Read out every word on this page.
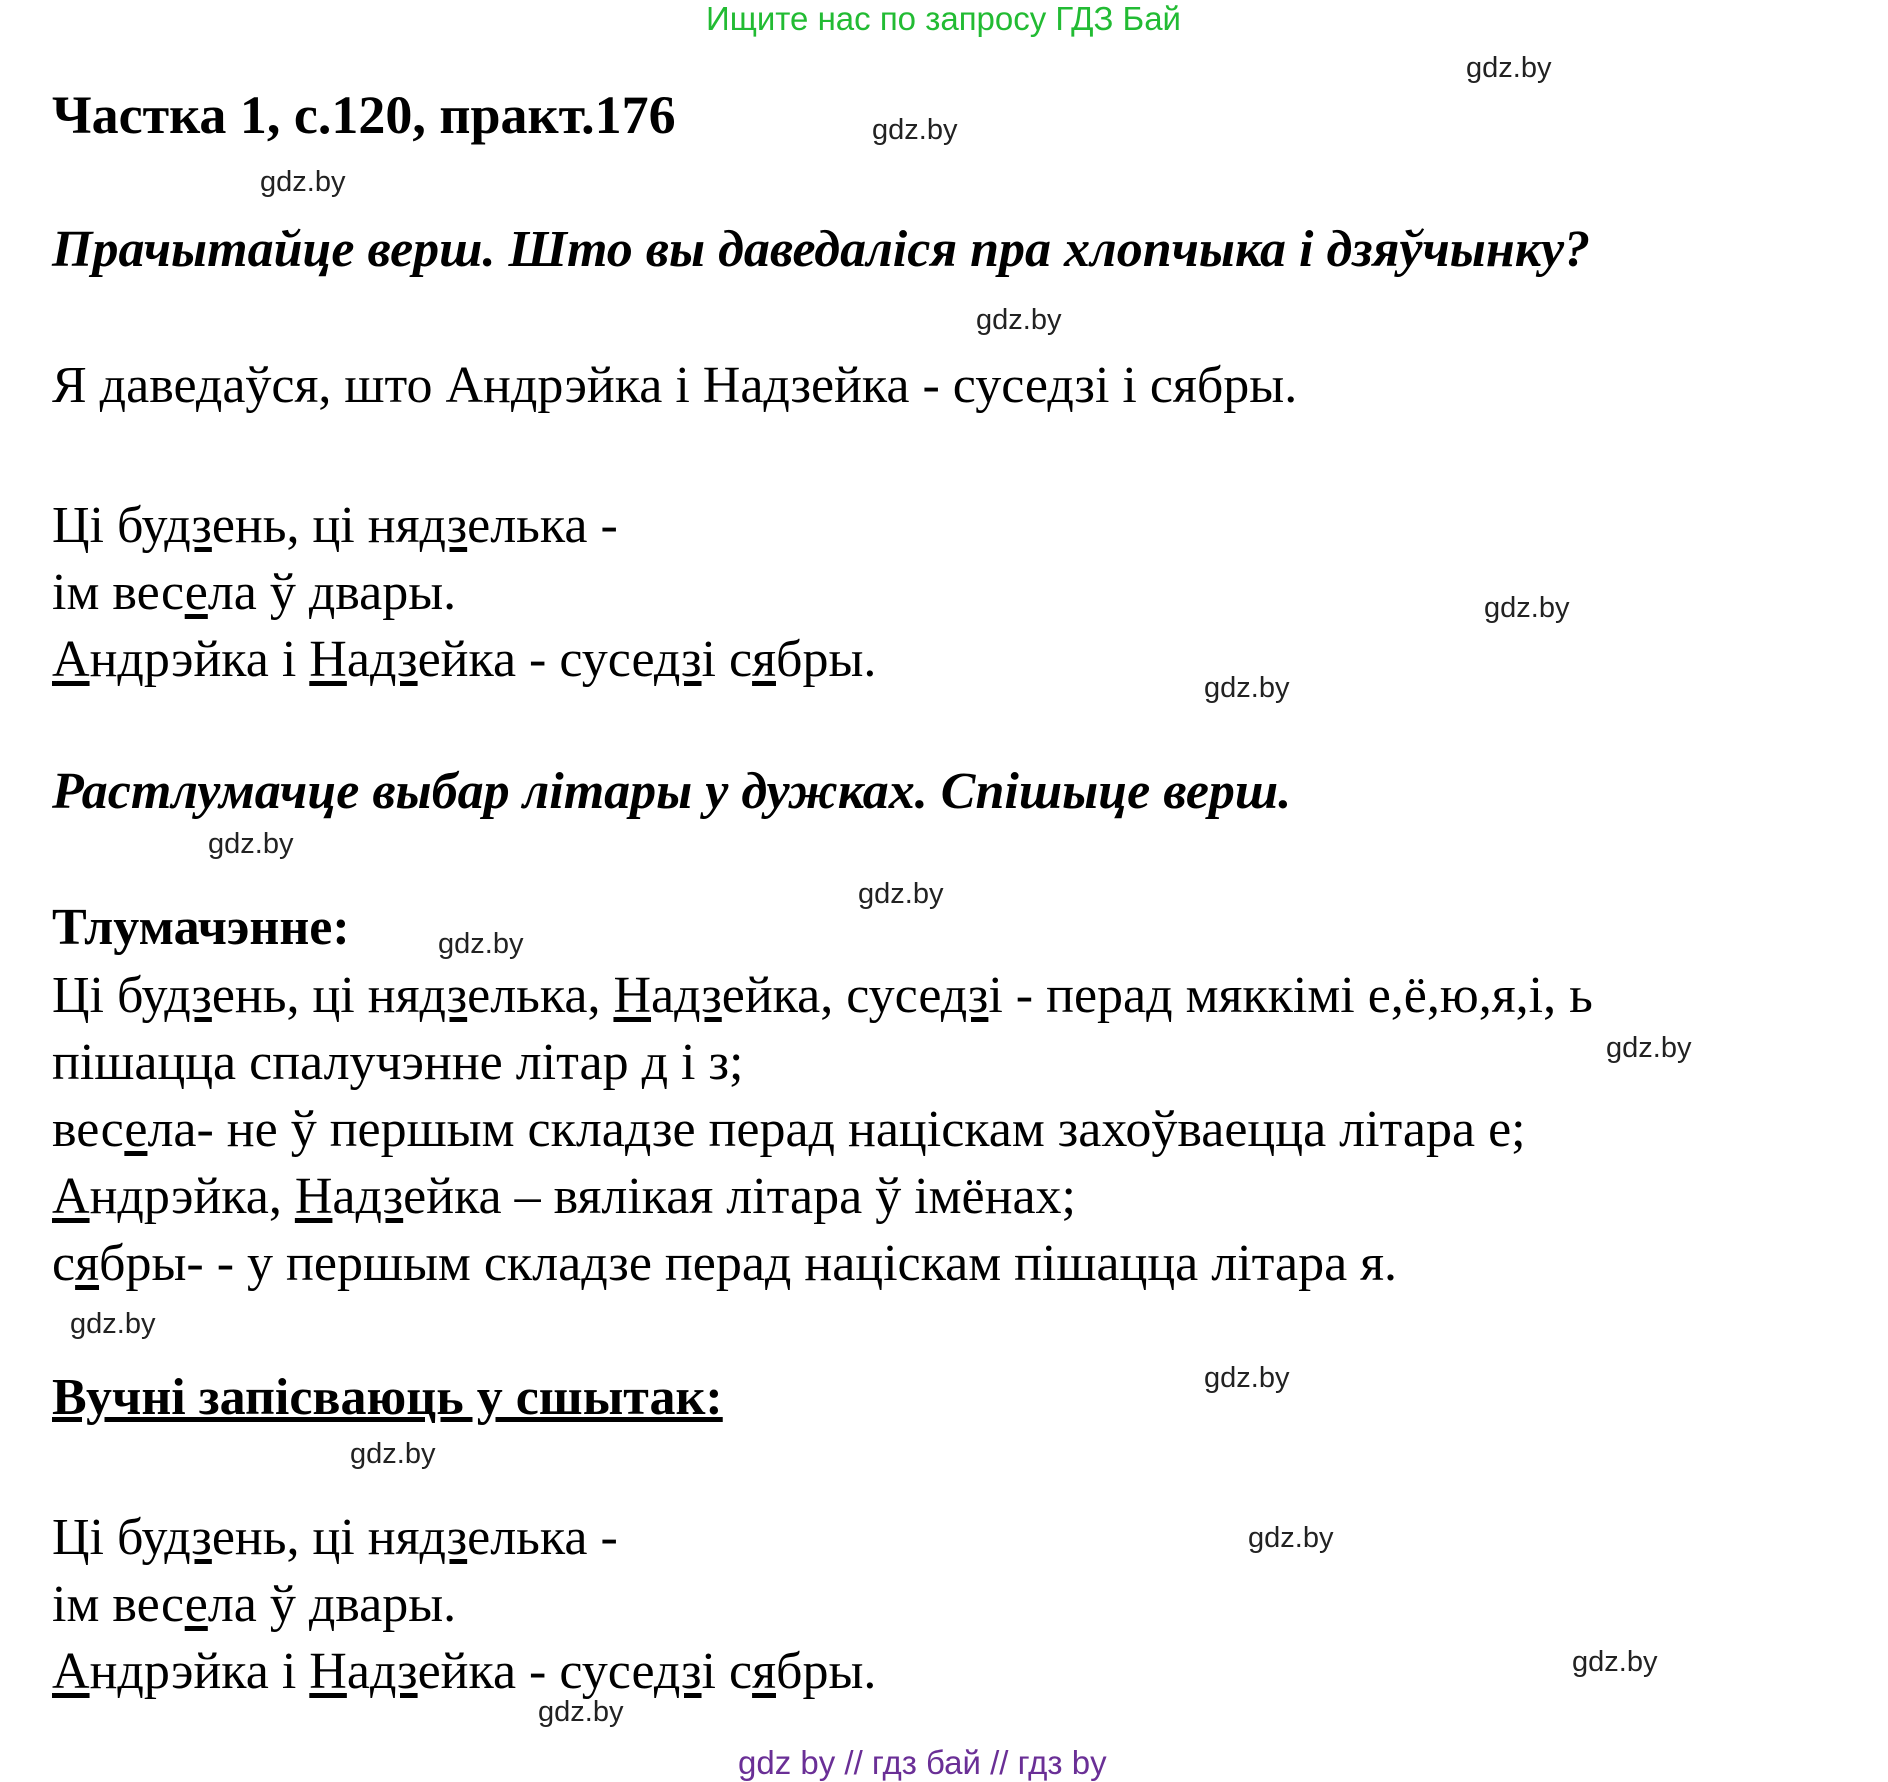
Ищите нас по запросу ГДЗ Бай
Частка 1, с.120, практ.176
Прачытайце верш. Што вы даведаліся пра хлопчыка і дзяўчынку?
Я даведаўся, што Андрэйка і Надзейка - суседзі і сябры.
Ці будзень, ці нядзелька -
ім весела ў двары.
Андрэйка і Надзейка - суседзі сябры.
Растлумачце выбар літары у дужках. Спішыце верш.
Тлумачэнне:
Ці будзень, ці нядзелька, Надзейка, суседзі - перад мяккімі е,ё,ю,я,і, ь
пішацца спалучэнне літар д і з;
весела- не ў першым складзе перад націскам захоўваецца літара е;
Андрэйка, Надзейка – вялікая літара ў імёнах;
сябры- - у першым складзе перад націскам пішацца літара я.
Вучні запісваюць у сшытак:
Ці будзень, ці нядзелька -
ім весела ў двары.
Андрэйка і Надзейка - суседзі сябры.
gdz.by
gdz.by
gdz.by
gdz.by
gdz.by
gdz.by
gdz.by
gdz.by
gdz.by
gdz.by
gdz.by
gdz.by
gdz.by
gdz.by
gdz.by
gdz.by
gdz by // гдз бай // гдз by
